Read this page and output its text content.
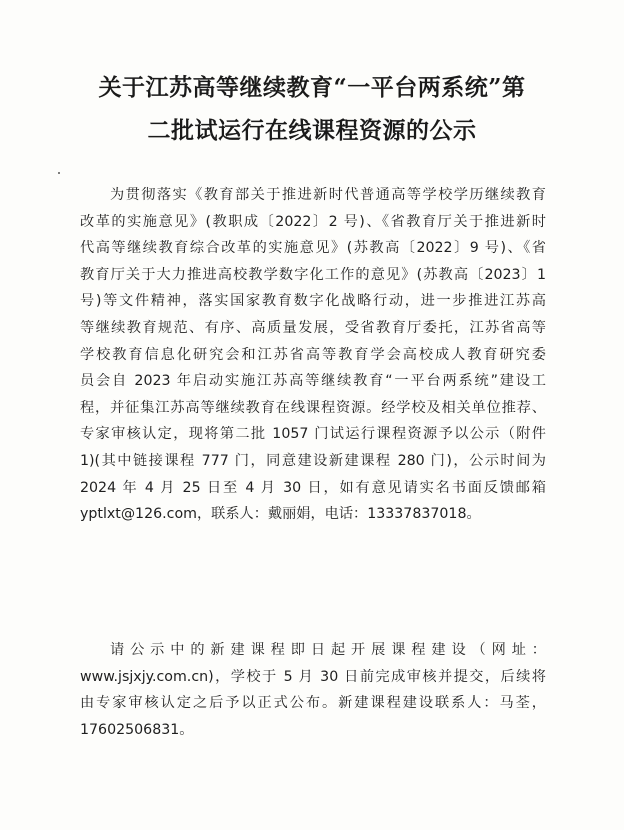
关于江苏高等继续教育“一平台两系统”第
二批试运行在线课程资源的公示
为贯彻落实《教育部关于推进新时代普通高等学校学历继续教育
改革的实施意见》(教职成〔2022〕2 号)、《省教育厅关于推进新时
代高等继续教育综合改革的实施意见》(苏教高〔2022〕9 号)、《省
教育厅关于大力推进高校教学数字化工作的意见》(苏教高〔2023〕1
号)等文件精神，落实国家教育数字化战略行动，进一步推进江苏高
等继续教育规范、有序、高质量发展，受省教育厅委托，江苏省高等
学校教育信息化研究会和江苏省高等教育学会高校成人教育研究委
员会自 2023 年启动实施江苏高等继续教育“一平台两系统”建设工
程，并征集江苏高等继续教育在线课程资源。经学校及相关单位推荐、
专家审核认定，现将第二批 1057 门试运行课程资源予以公示（附件
1)(其中链接课程 777 门，同意建设新建课程 280 门)，公示时间为
2024 年 4 月 25 日至 4 月 30 日，如有意见请实名书面反馈邮箱
yptlxt@126.com，联系人：戴丽娟，电话：13337837018。
请公示中的新建课程即日起开展课程建设（网址：
www.jsjxjy.com.cn)，学校于 5 月 30 日前完成审核并提交，后续将
由专家审核认定之后予以正式公布。新建课程建设联系人：马荃，
17602506831。
